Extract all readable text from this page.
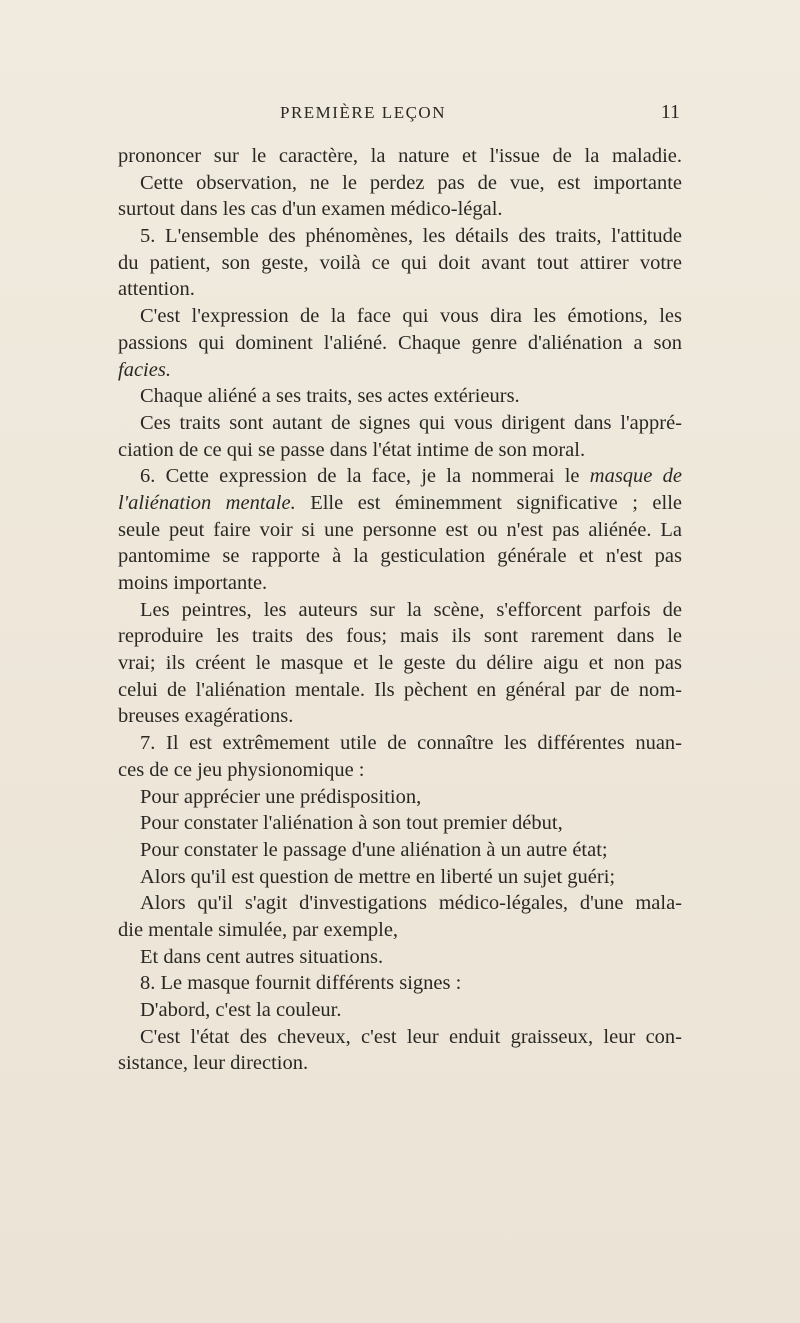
PREMIÈRE LEÇON	11
prononcer sur le caractère, la nature et l'issue de la maladie.
Cette observation, ne le perdez pas de vue, est importante
surtout dans les cas d'un examen médico-légal.
5. L'ensemble des phénomènes, les détails des traits, l'attitude
du patient, son geste, voilà ce qui doit avant tout attirer votre
attention.
C'est l'expression de la face qui vous dira les émotions, les
passions qui dominent l'aliéné. Chaque genre d'aliénation a son
facies.
Chaque aliéné a ses traits, ses actes extérieurs.
Ces traits sont autant de signes qui vous dirigent dans l'appré-
ciation de ce qui se passe dans l'état intime de son moral.
6. Cette expression de la face, je la nommerai le masque de
l'aliénation mentale. Elle est éminemment significative ; elle
seule peut faire voir si une personne est ou n'est pas aliénée. La
pantomime se rapporte à la gesticulation générale et n'est pas
moins importante.
Les peintres, les auteurs sur la scène, s'efforcent parfois de
reproduire les traits des fous; mais ils sont rarement dans le
vrai; ils créent le masque et le geste du délire aigu et non pas
celui de l'aliénation mentale. Ils pèchent en général par de nom-
breuses exagérations.
7. Il est extrêmement utile de connaître les différentes nuan-
ces de ce jeu physionomique :
Pour apprécier une prédisposition,
Pour constater l'aliénation à son tout premier début,
Pour constater le passage d'une aliénation à un autre état;
Alors qu'il est question de mettre en liberté un sujet guéri;
Alors qu'il s'agit d'investigations médico-légales, d'une mala-
die mentale simulée, par exemple,
Et dans cent autres situations.
8. Le masque fournit différents signes :
D'abord, c'est la couleur.
C'est l'état des cheveux, c'est leur enduit graisseux, leur con-
sistance, leur direction.
